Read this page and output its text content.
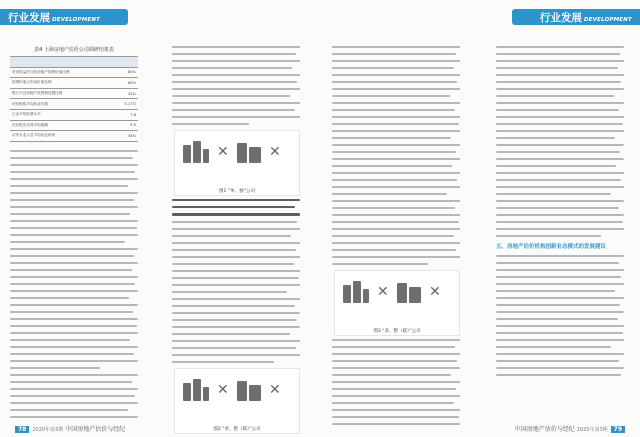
行业发展 DEVELOPMENT
表4 上海房地产估价公司调研结果表

采用收益法评估房地产抵押价值比例	80%
抵押价值占市场价值比例	60%
银行不良房地产抵押物处置比例	32%
估价机构平均执业年限	5.17年
行业平均收费水平	7.8
估价报告出具平均周期	9.5
评估专业人员平均从业时间	34%
✕	✕
图1 “单、独”公司
✕	✕
图2 “单、整（联）”公司
78 2020年第3期 中国房地产估价与经纪
行业发展 DEVELOPMENT
✕	✕
图3 “多、整（联）”公司
五、房地产估价机构创新业态模式的发展建议
中国房地产估价与经纪 2020年第3期 79
